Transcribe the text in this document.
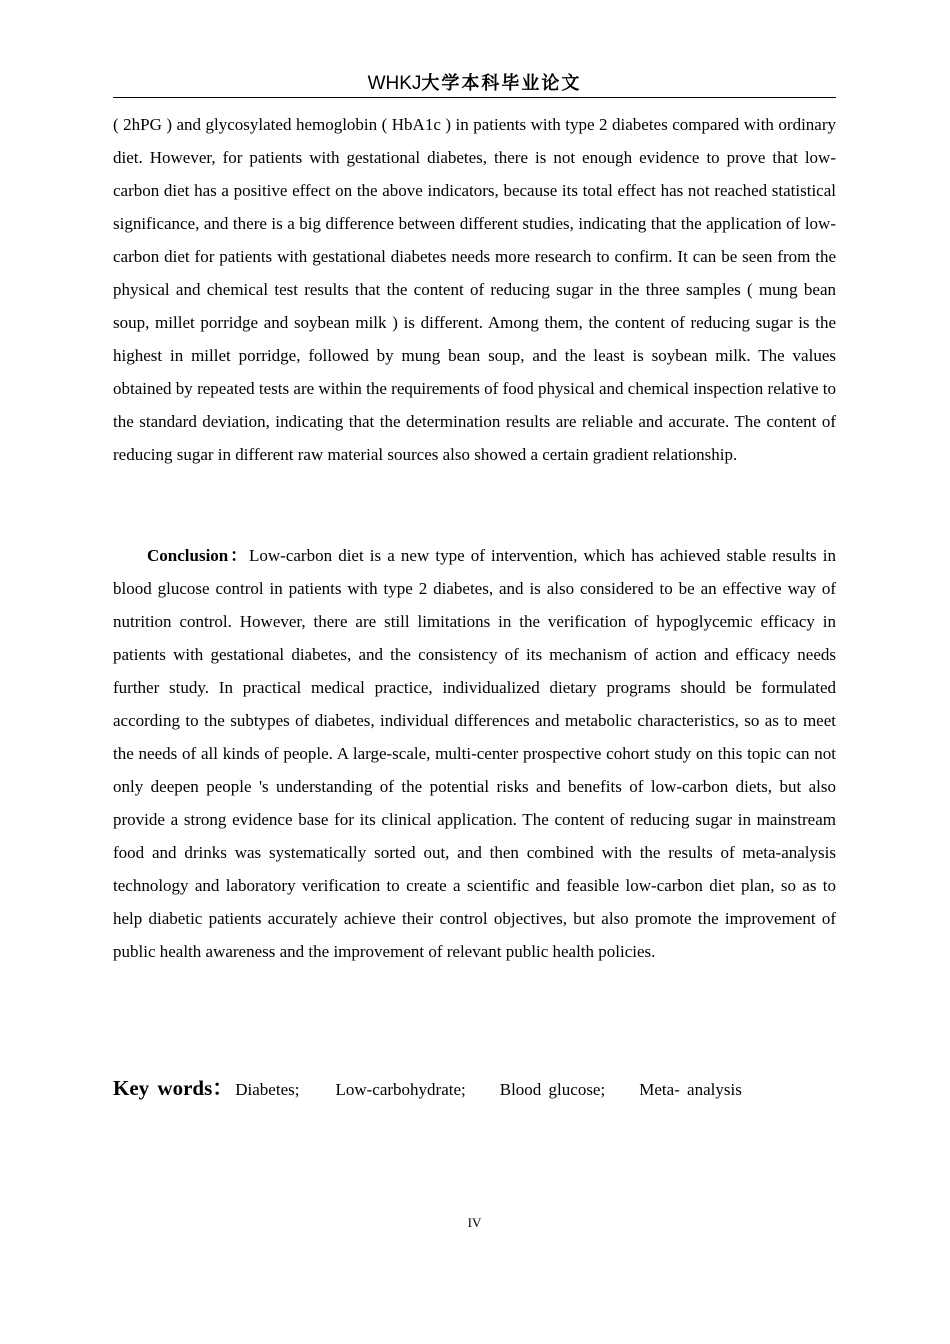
WHKJ大学本科毕业论文

( 2hPG ) and glycosylated hemoglobin ( HbA1c ) in patients with type 2 diabetes compared with ordinary diet. However, for patients with gestational diabetes, there is not enough evidence to prove that low-carbon diet has a positive effect on the above indicators, because its total effect has not reached statistical significance, and there is a big difference between different studies, indicating that the application of low-carbon diet for patients with gestational diabetes needs more research to confirm. It can be seen from the physical and chemical test results that the content of reducing sugar in the three samples ( mung bean soup, millet porridge and soybean milk ) is different. Among them, the content of reducing sugar is the highest in millet porridge, followed by mung bean soup, and the least is soybean milk. The values obtained by repeated tests are within the requirements of food physical and chemical inspection relative to the standard deviation, indicating that the determination results are reliable and accurate. The content of reducing sugar in different raw material sources also showed a certain gradient relationship.

Conclusion：Low-carbon diet is a new type of intervention, which has achieved stable results in blood glucose control in patients with type 2 diabetes, and is also considered to be an effective way of nutrition control. However, there are still limitations in the verification of hypoglycemic efficacy in patients with gestational diabetes, and the consistency of its mechanism of action and efficacy needs further study. In practical medical practice, individualized dietary programs should be formulated according to the subtypes of diabetes, individual differences and metabolic characteristics, so as to meet the needs of all kinds of people. A large-scale, multi-center prospective cohort study on this topic can not only deepen people 's understanding of the potential risks and benefits of low-carbon diets, but also provide a strong evidence base for its clinical application. The content of reducing sugar in mainstream food and drinks was systematically sorted out, and then combined with the results of meta-analysis technology and laboratory verification to create a scientific and feasible low-carbon diet plan, so as to help diabetic patients accurately achieve their control objectives, but also promote the improvement of public health awareness and the improvement of relevant public health policies.

Key words： Diabetes; Low-carbohydrate; Blood glucose; Meta- analysis
IV
